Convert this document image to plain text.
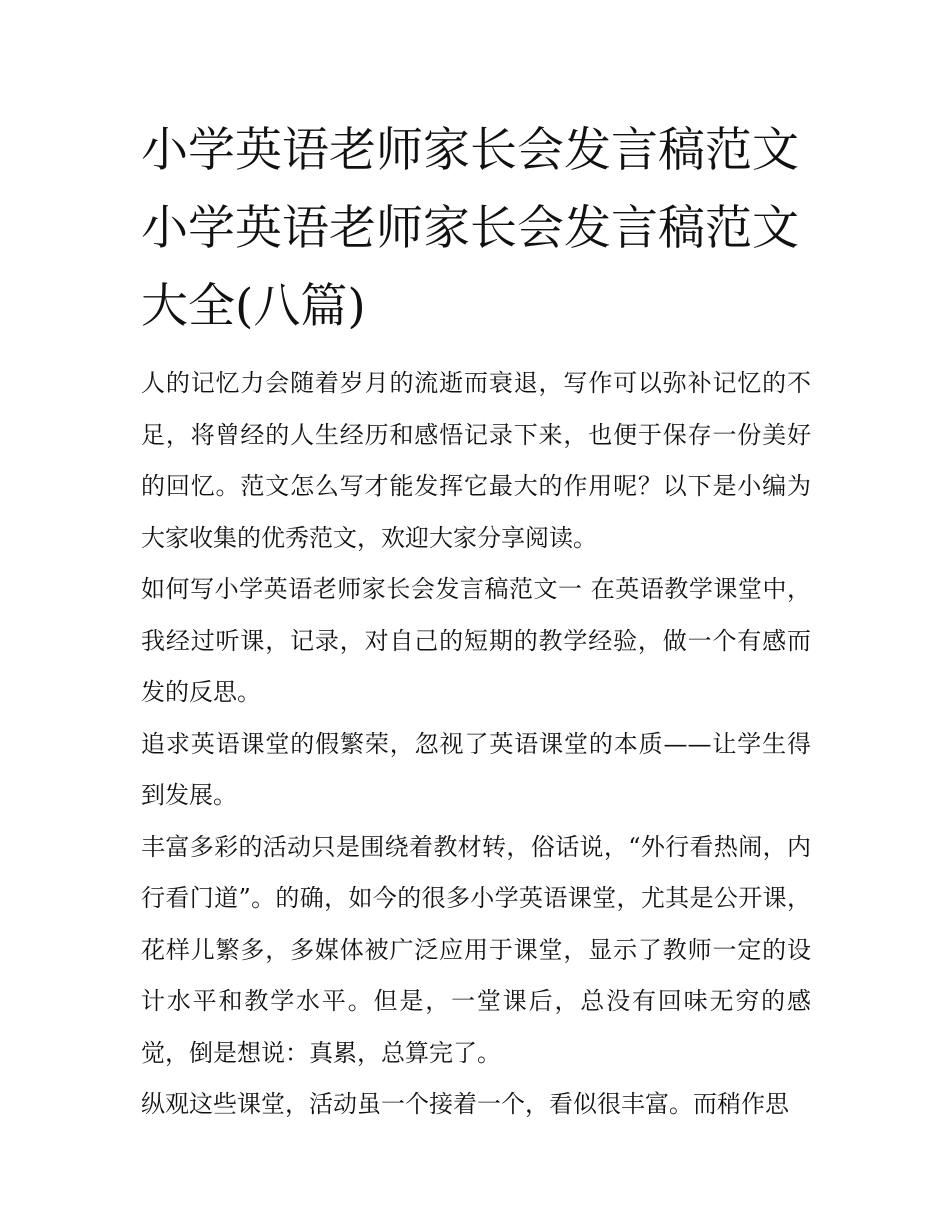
小学英语老师家长会发言稿范文 小学英语老师家长会发言稿范文大全(八篇)

人的记忆力会随着岁月的流逝而衰退，写作可以弥补记忆的不足，将曾经的人生经历和感悟记录下来，也便于保存一份美好的回忆。范文怎么写才能发挥它最大的作用呢？以下是小编为大家收集的优秀范文，欢迎大家分享阅读。

如何写小学英语老师家长会发言稿范文一 在英语教学课堂中，我经过听课，记录，对自己的短期的教学经验，做一个有感而发的反思。

追求英语课堂的假繁荣，忽视了英语课堂的本质——让学生得到发展。

丰富多彩的活动只是围绕着教材转，俗话说，“外行看热闹，内行看门道”。的确，如今的很多小学英语课堂，尤其是公开课，花样儿繁多，多媒体被广泛应用于课堂，显示了教师一定的设计水平和教学水平。但是，一堂课后，总没有回味无穷的感觉，倒是想说：真累，总算完了。

纵观这些课堂，活动虽一个接着一个，看似很丰富。而稍作思
